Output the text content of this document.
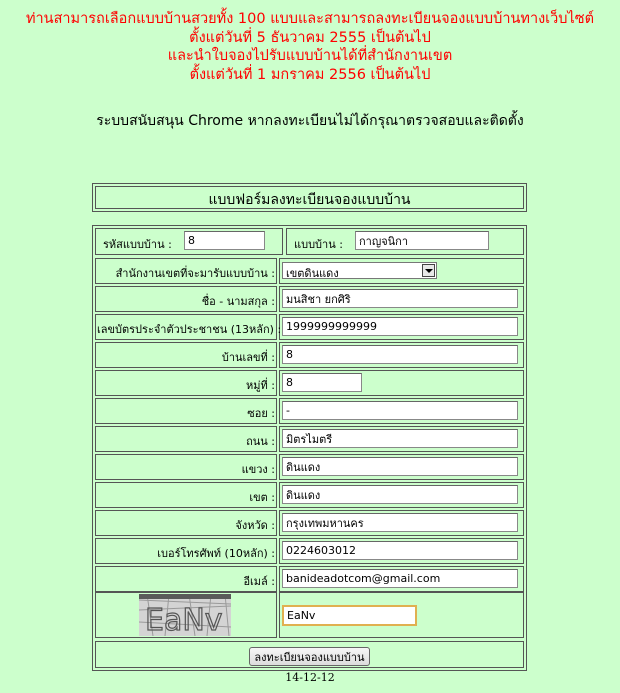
ท่านสามารถเลือกแบบบ้านสวยทั้ง 100 แบบและสามารถลงทะเบียนจองแบบบ้านทางเว็บไซต์
ตั้งแต่วันที่ 5 ธันวาคม 2555 เป็นต้นไป
และนำใบจองไปรับแบบบ้านได้ที่สำนักงานเขต
ตั้งแต่วันที่ 1 มกราคม 2556 เป็นต้นไป
ระบบสนับสนุน Chrome หากลงทะเบียนไม่ได้กรุณาตรวจสอบและติดตั้ง
แบบฟอร์มลงทะเบียนจองแบบบ้าน
รหัสแบบบ้าน :
8	แบบบ้าน :
กาญจนิกา
สำนักงานเขตที่จะมารับแบบบ้าน : เขตดินแดง
ชื่อ - นามสกุล :
มนสิชา ยกศิริ
เลขบัตรประจำตัวประชาชน (13หลัก) :
1999999999999
บ้านเลขที่ :
8
หมู่ที่ :
8
ซอย :
-
ถนน :
มิตรไมตรี
แขวง :
ดินแดง
เขต :
ดินแดง
จังหวัด :
กรุงเทพมหานคร
เบอร์โทรศัพท์ (10หลัก) :
0224603012
อีเมล์ :
banideadotcom@gmail.com
EaNv
EaNv
ลงทะเบียนจองแบบบ้าน
14-12-12
